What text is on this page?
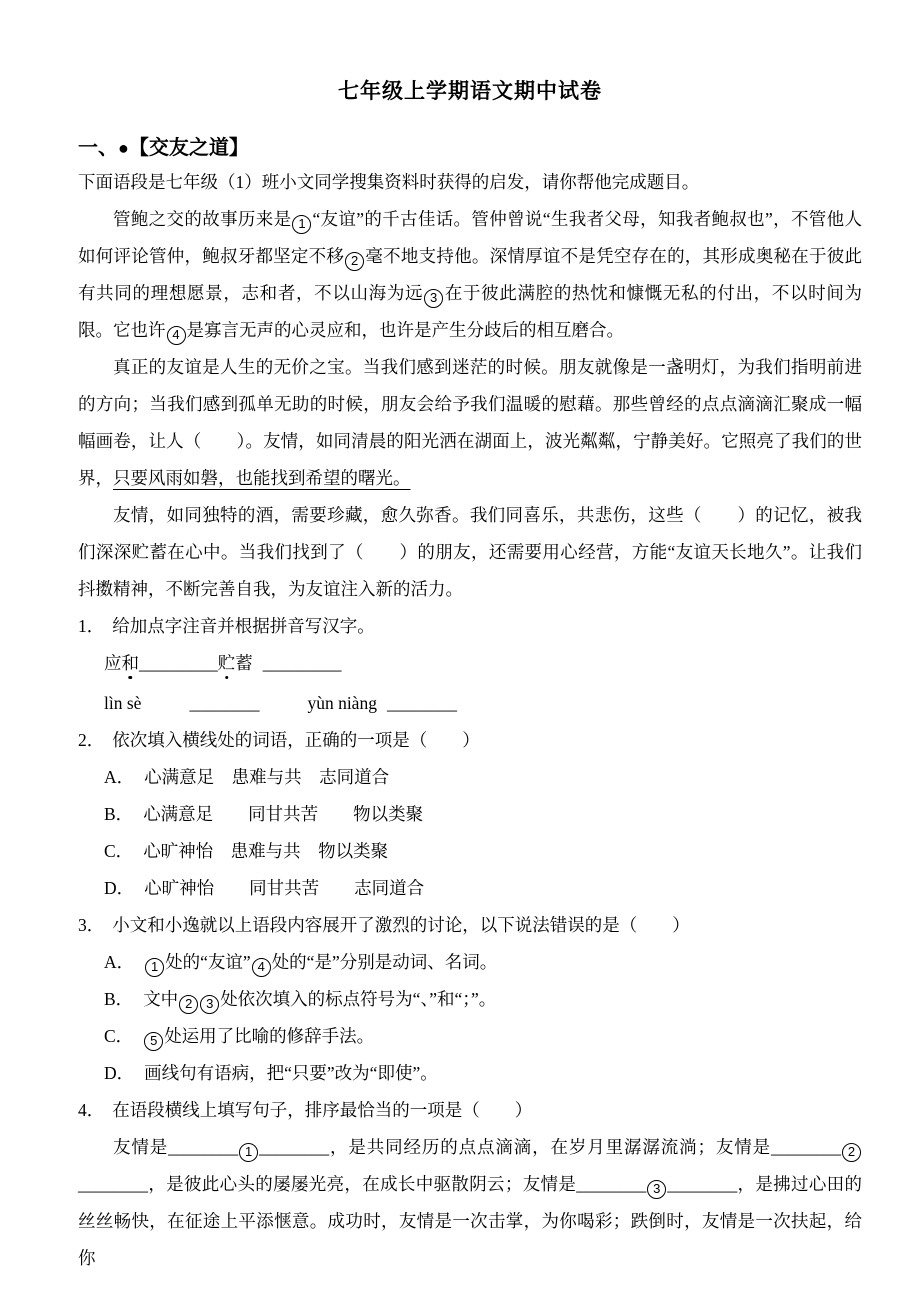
七年级上学期语文期中试卷
一、●【交友之道】

下面语段是七年级（1）班小文同学搜集资料时获得的启发，请你帮他完成题目。

管鲍之交的故事历来是 1 “友谊”的千古佳话。管仲曾说“生我者父母，知我者鲍叔也”，不管他人如何评论管仲，鲍叔牙都坚定不移 2 毫不地支持他。深情厚谊不是凭空存在的，其形成奥秘在于彼此有共同的理想愿景，志和者，不以山海为远 3 在于彼此满腔的热忱和慷慨无私的付出，不以时间为限。它也许 4 是寡言无声的心灵应和，也许是产生分歧后的相互磨合。

真正的友谊是人生的无价之宝。当我们感到迷茫的时候。朋友就像是一盏明灯，为我们指明前进的方向；当我们感到孤单无助的时候，朋友会给予我们温暖的慰藉。那些曾经的点点滴滴汇聚成一幅幅画卷，让人（　　）。友情，如同清晨的阳光洒在湖面上，波光粼粼，宁静美好。它照亮了我们的世界，只要风雨如磐，也能找到希望的曙光。

友情，如同独特的酒，需要珍藏，愈久弥香。我们同喜乐，共悲伤，这些（　　）的记忆，被我们深深贮蓄在心中。当我们找到了（　　）的朋友，还需要用心经营，方能“友谊天长地久”。让我们抖擞精神，不断完善自我，为友谊注入新的活力。

1． 给加点字注音并根据拼音写汉字。

应和_________贮蓄 _________

lìn sè	________	yùn niàng ________

2． 依次填入横线处的词语，正确的一项是（　　）

A． 心满意足　患难与共　志同道合

B． 心满意足　　同甘共苦　　物以类聚

C． 心旷神怡　患难与共　物以类聚

D． 心旷神怡　　同甘共苦　　志同道合

3． 小文和小逸就以上语段内容展开了激烈的讨论，以下说法错误的是（　　）

A． 1 处的“友谊” 4 处的“是”分别是动词、名词。

B． 文中 2 3 处依次填入的标点符号为“、”和“；”。

C． 5 处运用了比喻的修辞手法。

D． 画线句有语病，把“只要”改为“即使”。

4． 在语段横线上填写句子，排序最恰当的一项是（　　）

友情是________ 1 ________，是共同经历的点点滴滴，在岁月里潺潺流淌；友情是________ 2________，是彼此心头的屡屡光亮，在成长中驱散阴云；友情是________ 3 ________，是拂过心田的丝丝畅快，在征途上平添惬意。成功时，友情是一次击掌，为你喝彩；跌倒时，友情是一次扶起，给你
